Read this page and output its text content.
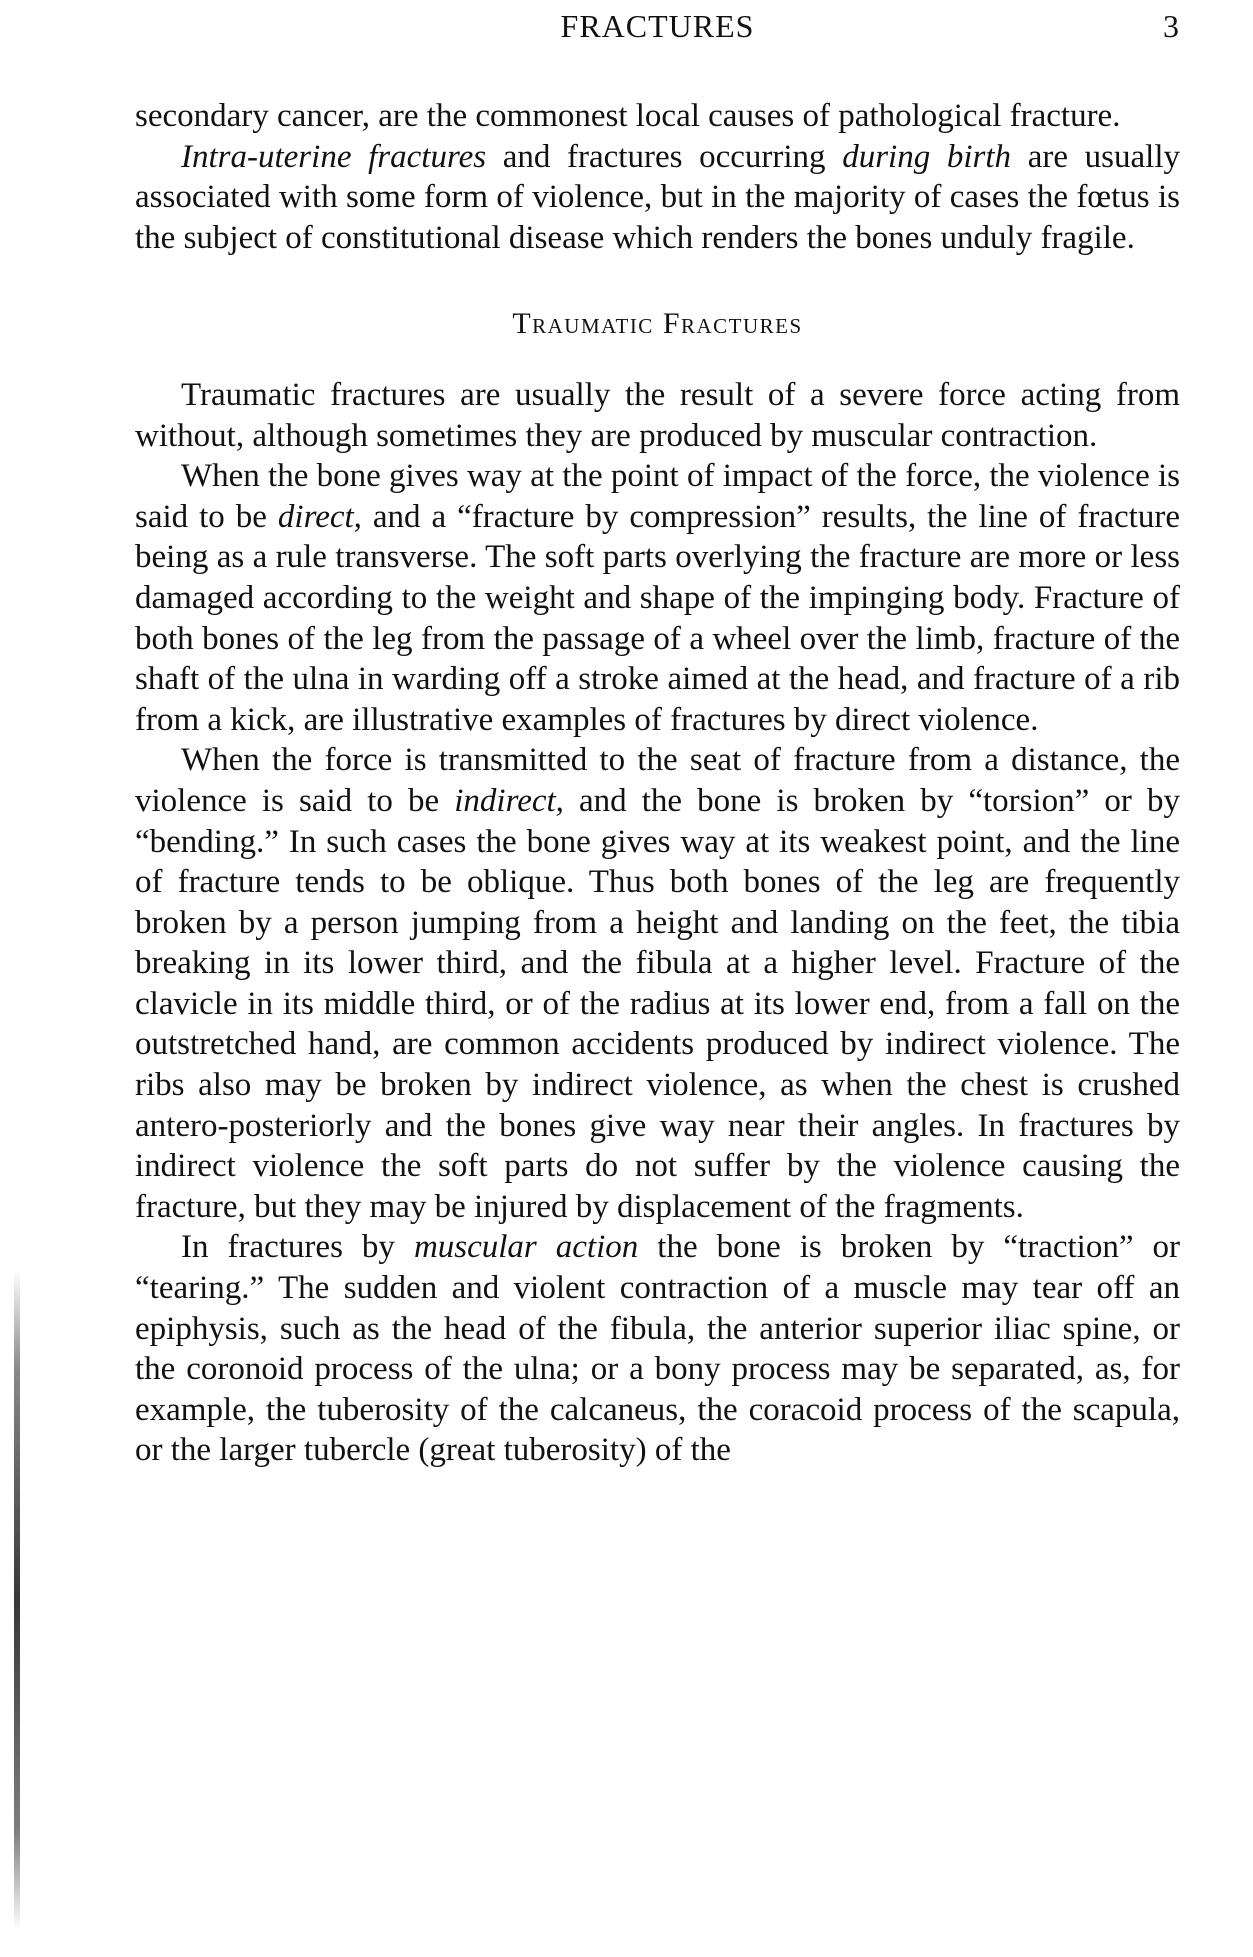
FRACTURES	3

secondary cancer, are the commonest local causes of pathological fracture.

Intra-uterine fractures and fractures occurring during birth are usually associated with some form of violence, but in the majority of cases the fœtus is the subject of constitutional disease which renders the bones unduly fragile.

Traumatic Fractures

Traumatic fractures are usually the result of a severe force acting from without, although sometimes they are produced by muscular contraction.

When the bone gives way at the point of impact of the force, the violence is said to be direct, and a “fracture by compression” results, the line of fracture being as a rule transverse. The soft parts overlying the fracture are more or less damaged according to the weight and shape of the impinging body. Fracture of both bones of the leg from the passage of a wheel over the limb, fracture of the shaft of the ulna in warding off a stroke aimed at the head, and fracture of a rib from a kick, are illustrative examples of fractures by direct violence.

When the force is transmitted to the seat of fracture from a distance, the violence is said to be indirect, and the bone is broken by “torsion” or by “bending.” In such cases the bone gives way at its weakest point, and the line of fracture tends to be oblique. Thus both bones of the leg are frequently broken by a person jumping from a height and landing on the feet, the tibia breaking in its lower third, and the fibula at a higher level. Fracture of the clavicle in its middle third, or of the radius at its lower end, from a fall on the outstretched hand, are common accidents produced by indirect violence. The ribs also may be broken by indirect violence, as when the chest is crushed antero-posteriorly and the bones give way near their angles. In fractures by indirect violence the soft parts do not suffer by the violence causing the fracture, but they may be injured by displacement of the fragments.

In fractures by muscular action the bone is broken by “traction” or “tearing.” The sudden and violent contraction of a muscle may tear off an epiphysis, such as the head of the fibula, the anterior superior iliac spine, or the coronoid process of the ulna; or a bony process may be separated, as, for example, the tuberosity of the calcaneus, the coracoid process of the scapula, or the larger tubercle (great tuberosity) of the
